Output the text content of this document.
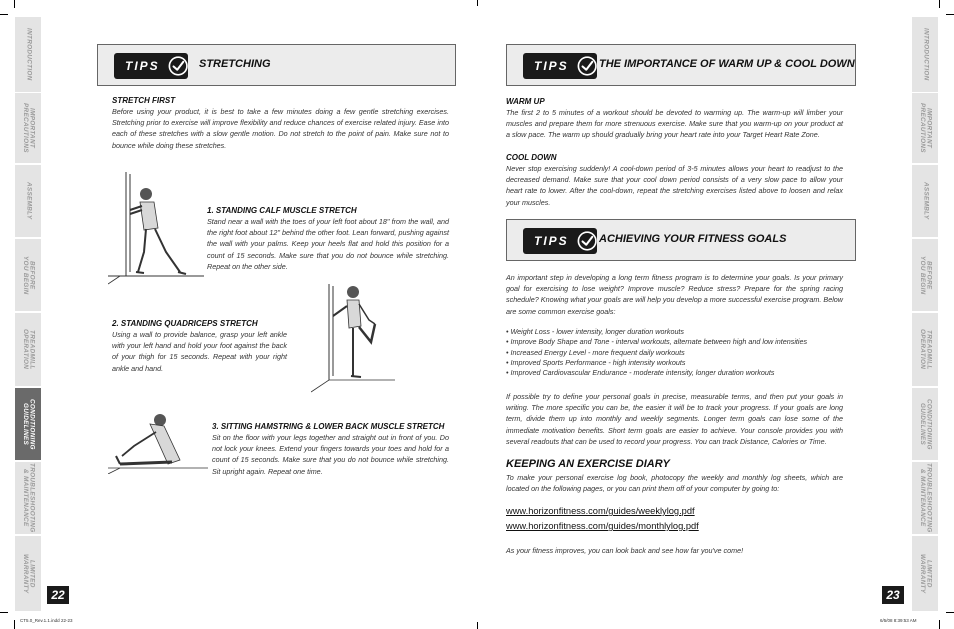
INTRODUCTION
IMPORTANT
PRECAUTIONS
ASSEMBLY
BEFORE
YOU BEGIN
TREADMILL
OPERATION
CONDITIONING
GUIDELINES
TROUBLESHOOTING
& MAINTENANCE
LIMITED
WARRANTY
INTRODUCTION
IMPORTANT
PRECAUTIONS
ASSEMBLY
BEFORE
YOU BEGIN
TREADMILL
OPERATION
CONDITIONING
GUIDELINES
TROUBLESHOOTING
& MAINTENANCE
LIMITED
WARRANTY
22	23
TIPS	STRETCHING
STRETCH FIRST

Before using your product, it is best to take a few minutes doing a few gentle stretching exercises. Stretching prior to exercise will improve flexibility and reduce chances of exercise related injury. Ease into each of these stretches with a slow gentle motion. Do not stretch to the point of pain. Make sure not to bounce while doing these stretches.

1. STANDING CALF MUSCLE STRETCH

Stand near a wall with the toes of your left foot about 18" from the wall, and the right foot about 12" behind the other foot. Lean forward, pushing against the wall with your palms. Keep your heels flat and hold this position for a count of 15 seconds. Make sure that you do not bounce while stretching. Repeat on the other side.

2. STANDING QUADRICEPS STRETCH

Using a wall to provide balance, grasp your left ankle with your left hand and hold your foot against the back of your thigh for 15 seconds. Repeat with your right ankle and hand.

3. SITTING HAMSTRING & LOWER BACK MUSCLE STRETCH

Sit on the floor with your legs together and straight out in front of you. Do not lock your knees. Extend your fingers towards your toes and hold for a count of 15 seconds. Make sure that you do not bounce while stretching. Sit upright again. Repeat one time.

TIPS	THE IMPORTANCE OF WARM UP & COOL DOWN
WARM UP

The first 2 to 5 minutes of a workout should be devoted to warming up. The warm-up will limber your muscles and prepare them for more strenuous exercise. Make sure that you warm-up on your product at a slow pace. The warm up should gradually bring your heart rate into your Target Heart Rate Zone.

COOL DOWN

Never stop exercising suddenly! A cool-down period of 3-5 minutes allows your heart to readjust to the decreased demand. Make sure that your cool down period consists of a very slow pace to allow your heart rate to lower. After the cool-down, repeat the stretching exercises listed above to loosen and relax your muscles.

TIPS	ACHIEVING YOUR FITNESS GOALS

An important step in developing a long term fitness program is to determine your goals. Is your primary goal for exercising to lose weight? Improve muscle? Reduce stress? Prepare for the spring racing schedule? Knowing what your goals are will help you develop a more successful exercise program. Below are some common exercise goals:

• Weight Loss - lower intensity, longer duration workouts
• Improve Body Shape and Tone - interval workouts, alternate between high and low intensities
• Increased Energy Level - more frequent daily workouts
• Improved Sports Performance - high intensity workouts
• Improved Cardiovascular Endurance - moderate intensity, longer duration workouts

If possible try to define your personal goals in precise, measurable terms, and then put your goals in writing. The more specific you can be, the easier it will be to track your progress. If your goals are long term, divide them up into monthly and weekly segments. Longer term goals can lose some of the immediate motivation benefits. Short term goals are easier to achieve. Your console provides you with several readouts that can be used to record your progress. You can track Distance, Calories or Time.

KEEPING AN EXERCISE DIARY

To make your personal exercise log book, photocopy the weekly and monthly log sheets, which are located on the following pages, or you can print them off of your computer by going to:

www.horizonfitness.com/guides/weeklylog.pdf
www.horizonfitness.com/guides/monthlylog.pdf

As your fitness improves, you can look back and see how far you've come!

CT5.0_Rev.1.1.indd 22-23	6/5/08 8:39:53 AM
